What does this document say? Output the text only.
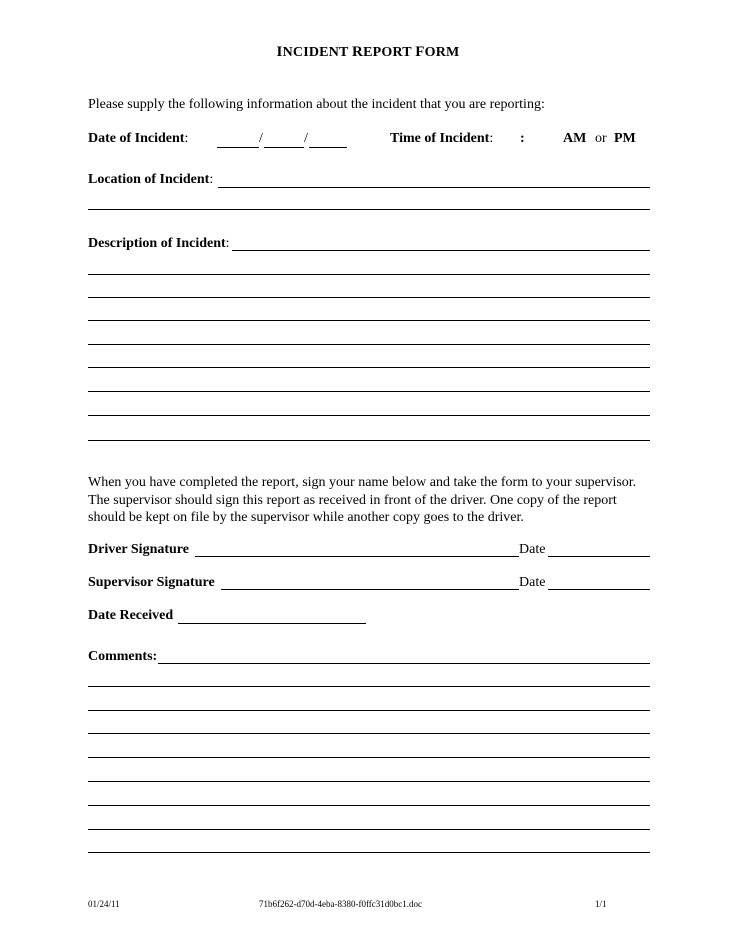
INCIDENT REPORT FORM
Please supply the following information about the incident that you are reporting:
Date of Incident:	/	/	Time of Incident: :	AM or PM
Location of Incident:
Description of Incident:
When you have completed the report, sign your name below and take the form to your supervisor. The supervisor should sign this report as received in front of the driver. One copy of the report should be kept on file by the supervisor while another copy goes to the driver.
Driver Signature	Date
Supervisor Signature	Date
Date Received
Comments:
01/24/11	71b6f262-d70d-4eba-8380-f0ffc31d0bc1.doc	1/1
